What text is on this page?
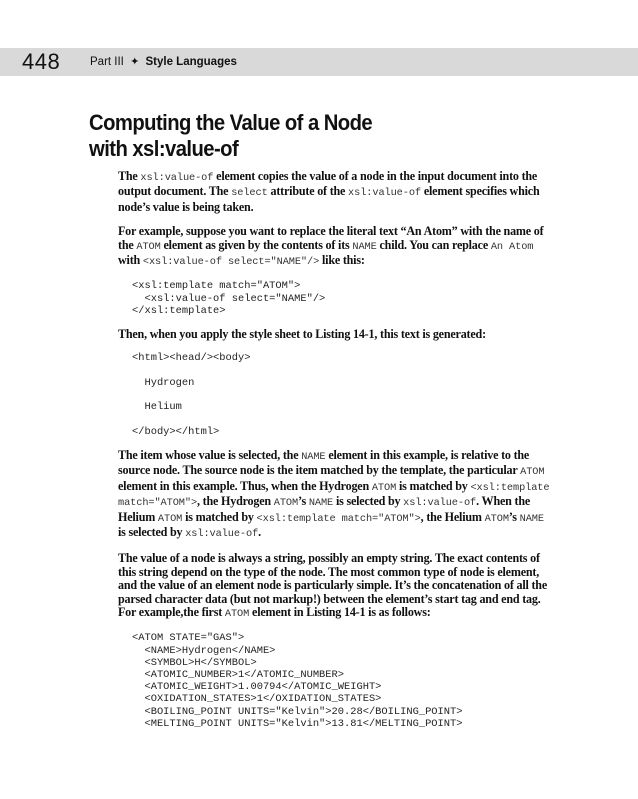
448	Part III ✦ Style Languages
Computing the Value of a Node
with xsl:value-of

The xsl:value-of element copies the value of a node in the input document into the output document. The select attribute of the xsl:value-of element specifies which node’s value is being taken.

For example, suppose you want to replace the literal text “An Atom” with the name of the ATOM element as given by the contents of its NAME child. You can replace An Atom with <xsl:value-of select="NAME"/> like this:

<xsl:template match="ATOM">
<xsl:value-of select="NAME"/>
</xsl:template>

Then, when you apply the style sheet to Listing 14-1, this text is generated:

<html><head/><body>
Hydrogen
Helium
</body></html>

The item whose value is selected, the NAME element in this example, is relative to the source node. The source node is the item matched by the template, the particular ATOM element in this example. Thus, when the Hydrogen ATOM is matched by <xsl:template match="ATOM">, the Hydrogen ATOM’s NAME is selected by xsl:value-of. When the Helium ATOM is matched by <xsl:template match="ATOM">, the Helium ATOM’s NAME is selected by xsl:value-of.

The value of a node is always a string, possibly an empty string. The exact contents of this string depend on the type of the node. The most common type of node is element, and the value of an element node is particularly simple. It’s the concatenation of all the parsed character data (but not markup!) between the element’s start tag and end tag. For example,the first ATOM element in Listing 14-1 is as follows:

<ATOM STATE="GAS">
<NAME>Hydrogen</NAME>
<SYMBOL>H</SYMBOL>
<ATOMIC_NUMBER>1</ATOMIC_NUMBER>
<ATOMIC_WEIGHT>1.00794</ATOMIC_WEIGHT>
<OXIDATION_STATES>1</OXIDATION_STATES>
<BOILING_POINT UNITS="Kelvin">20.28</BOILING_POINT>
<MELTING_POINT UNITS="Kelvin">13.81</MELTING_POINT>
